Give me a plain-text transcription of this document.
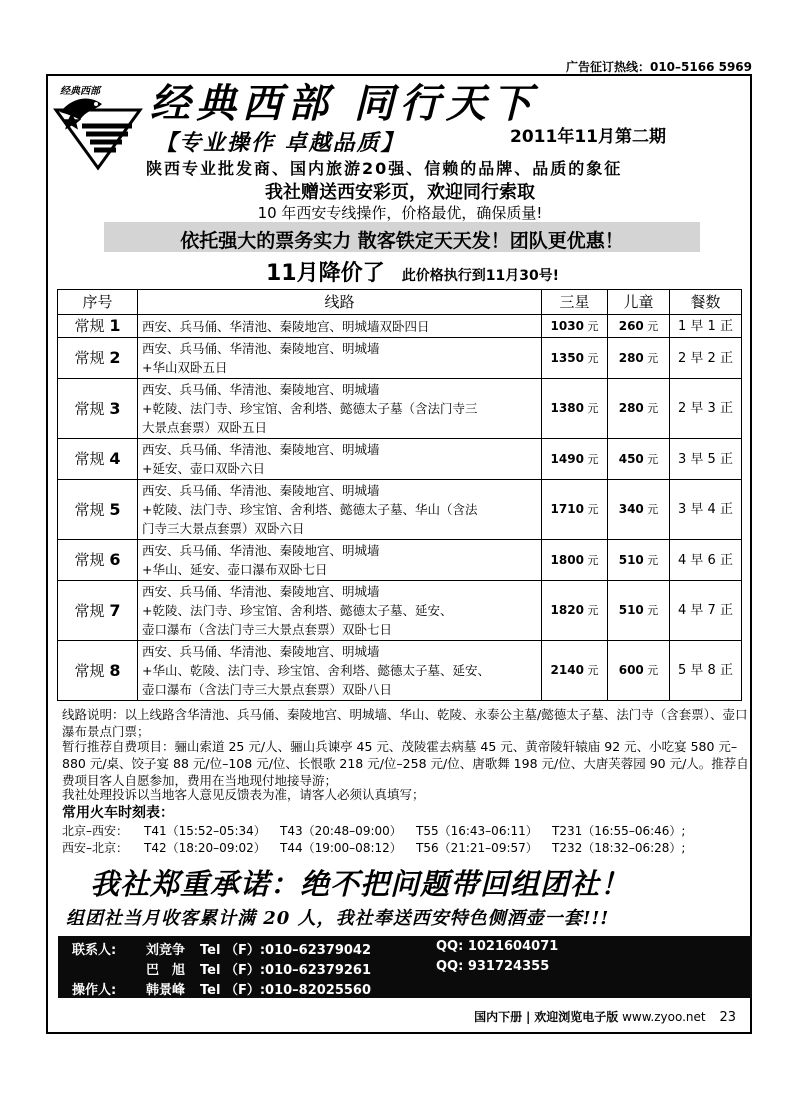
广告征订热线：010–5166 5969
经典西部 经典西部 同行天下
【专业操作 卓越品质】	2011年11月第二期
陕西专业批发商、国内旅游20强、信赖的品牌、品质的象征
我社赠送西安彩页，欢迎同行索取
10 年西安专线操作，价格最优，确保质量!
依托强大的票务实力 散客铁定天天发！团队更优惠！
11月降价了 此价格执行到11月30号!
序号	线路	三星	儿童	餐数
常规 1	西安、兵马俑、华清池、秦陵地宫、明城墙双卧四日	1030 元	260 元	1 早 1 正
常规 2	西安、兵马俑、华清池、秦陵地宫、明城墙
+华山双卧五日	1350 元	280 元	2 早 2 正
常规 3	西安、兵马俑、华清池、秦陵地宫、明城墙
+乾陵、法门寺、珍宝馆、舍利塔、懿德太子墓（含法门寺三
大景点套票）双卧五日	1380 元	280 元	2 早 3 正
常规 4	西安、兵马俑、华清池、秦陵地宫、明城墙
+延安、壶口双卧六日	1490 元	450 元	3 早 5 正
常规 5	西安、兵马俑、华清池、秦陵地宫、明城墙
+乾陵、法门寺、珍宝馆、舍利塔、懿德太子墓、华山（含法
门寺三大景点套票）双卧六日	1710 元	340 元	3 早 4 正
常规 6	西安、兵马俑、华清池、秦陵地宫、明城墙
+华山、延安、壶口瀑布双卧七日	1800 元	510 元	4 早 6 正
常规 7	西安、兵马俑、华清池、秦陵地宫、明城墙
+乾陵、法门寺、珍宝馆、舍利塔、懿德太子墓、延安、
壶口瀑布（含法门寺三大景点套票）双卧七日	1820 元	510 元	4 早 7 正
常规 8	西安、兵马俑、华清池、秦陵地宫、明城墙
+华山、乾陵、法门寺、珍宝馆、舍利塔、懿德太子墓、延安、
壶口瀑布（含法门寺三大景点套票）双卧八日	2140 元	600 元	5 早 8 正
线路说明：以上线路含华清池、兵马俑、秦陵地宫、明城墙、华山、乾陵、永泰公主墓/懿德太子墓、法门寺（含套票）、壶口瀑布景点门票；
暂行推荐自费项目：骊山索道 25 元/人、骊山兵谏亭 45 元、茂陵霍去病墓 45 元、黄帝陵轩辕庙 92 元、小吃宴 580 元–880 元/桌、饺子宴 88 元/位–108 元/位、长恨歌 218 元/位–258 元/位、唐歌舞 198 元/位、大唐芙蓉园 90 元/人。推荐自费项目客人自愿参加，费用在当地现付地接导游；
我社处理投诉以当地客人意见反馈表为准，请客人必须认真填写；
常用火车时刻表：
北京–西安： T41（15:52–05:34） T43（20:48–09:00） T55（16:43–06:11） T231（16:55–06:46）;
西安–北京： T42（18:20–09:02） T44（19:00–08:12） T56（21:21–09:57） T232（18:32–06:28）;
我社郑重承诺：绝不把问题带回组团社！
组团社当月收客累计满 20 人，我社奉送西安特色侧酒壶一套!!!
联系人: 刘竞争 Tel （F）:010–62379042	QQ: 1021604071
巴　旭 Tel （F）:010–62379261	QQ: 931724355
操作人: 韩景峰 Tel （F）:010–82025560
国内下册 | 欢迎浏览电子版 www.zyoo.net 23
